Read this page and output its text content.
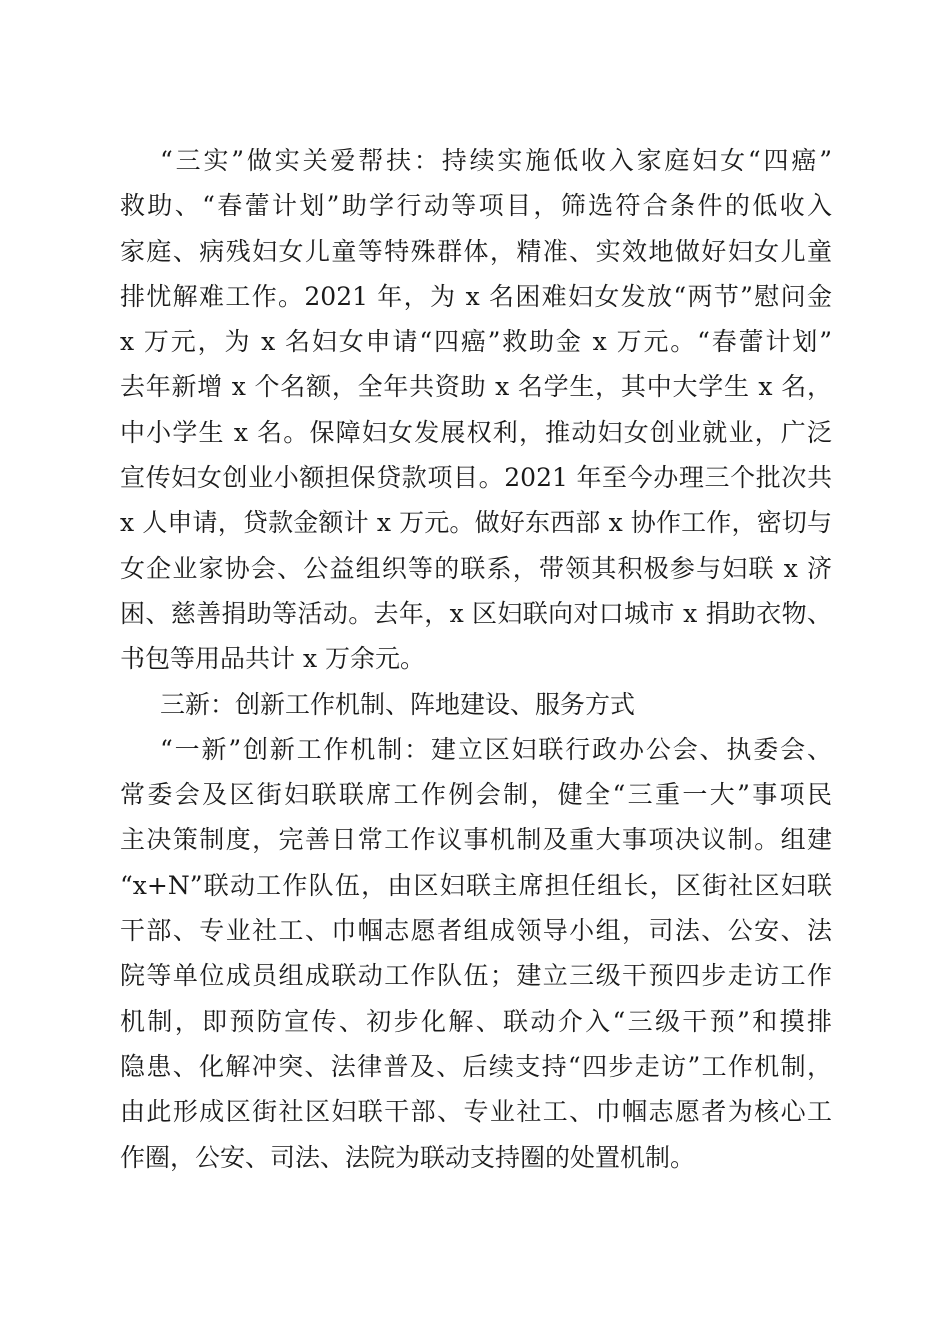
“三实”做实关爱帮扶：持续实施低收入家庭妇女“四癌”
救助、“春蕾计划”助学行动等项目，筛选符合条件的低收入
家庭、病残妇女儿童等特殊群体，精准、实效地做好妇女儿童
排忧解难工作。2021 年，为 x 名困难妇女发放“两节”慰问金
x 万元，为 x 名妇女申请“四癌”救助金 x 万元。“春蕾计划”
去年新增 x 个名额，全年共资助 x 名学生，其中大学生 x 名，
中小学生 x 名。保障妇女发展权利，推动妇女创业就业，广泛
宣传妇女创业小额担保贷款项目。2021 年至今办理三个批次共
x 人申请，贷款金额计 x 万元。做好东西部 x 协作工作，密切与
女企业家协会、公益组织等的联系，带领其积极参与妇联 x 济
困、慈善捐助等活动。去年，x 区妇联向对口城市 x 捐助衣物、
书包等用品共计 x 万余元。
三新：创新工作机制、阵地建设、服务方式
“一新”创新工作机制：建立区妇联行政办公会、执委会、
常委会及区街妇联联席工作例会制，健全“三重一大”事项民
主决策制度，完善日常工作议事机制及重大事项决议制。组建
“x+N”联动工作队伍，由区妇联主席担任组长，区街社区妇联
干部、专业社工、巾帼志愿者组成领导小组，司法、公安、法
院等单位成员组成联动工作队伍；建立三级干预四步走访工作
机制，即预防宣传、初步化解、联动介入“三级干预”和摸排
隐患、化解冲突、法律普及、后续支持“四步走访”工作机制，
由此形成区街社区妇联干部、专业社工、巾帼志愿者为核心工
作圈，公安、司法、法院为联动支持圈的处置机制。
